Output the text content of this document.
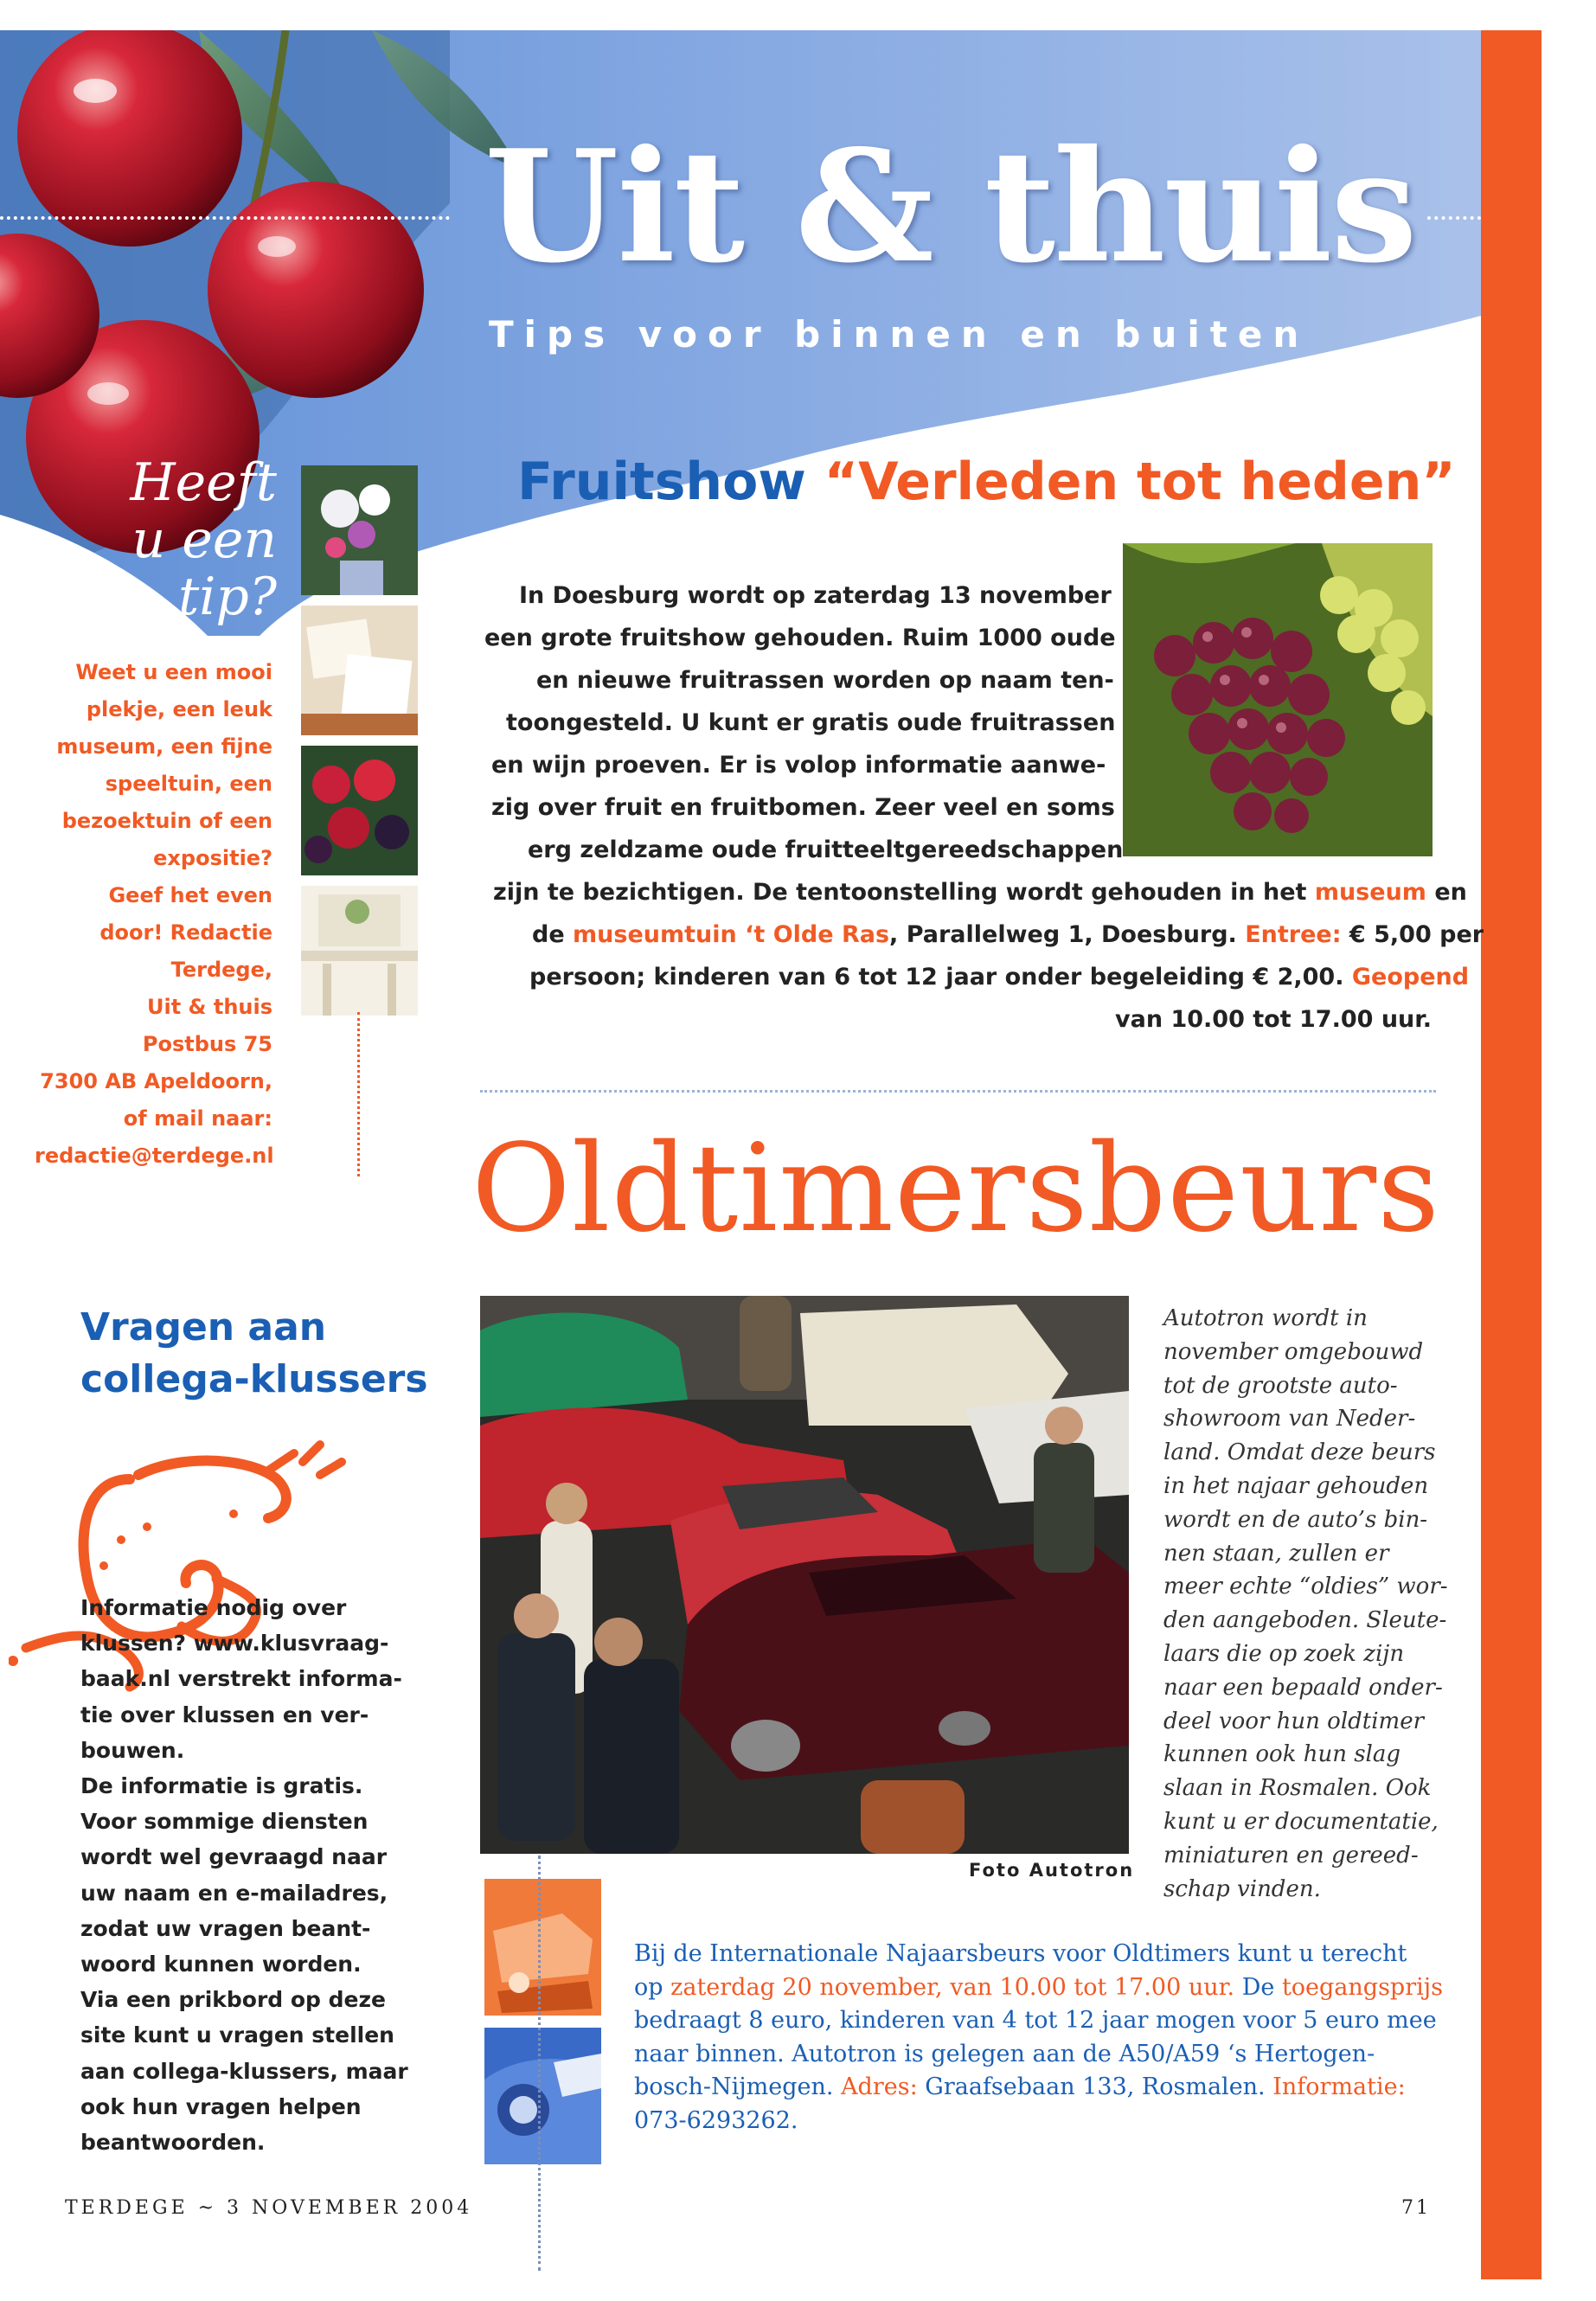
Uit & thuis
Tips voor binnen en buiten
Heeft
u een
tip?

Weet u een mooi
plekje, een leuk
museum, een fijne
speeltuin, een
bezoektuin of een
expositie?
Geef het even
door! Redactie
Terdege,
Uit & thuis
Postbus 75
7300 AB Apeldoorn,
of mail naar:
redactie@terdege.nl
Fruitshow “Verleden tot heden”
In Doesburg wordt op zaterdag 13 november
een grote fruitshow gehouden. Ruim 1000 oude
en nieuwe fruitrassen worden op naam ten-
toongesteld. U kunt er gratis oude fruitrassen
en wijn proeven. Er is volop informatie aanwe-
zig over fruit en fruitbomen. Zeer veel en soms
erg zeldzame oude fruitteeltgereedschappen
zijn te bezichtigen. De tentoonstelling wordt gehouden in het museum en
de museumtuin ‘t Olde Ras, Parallelweg 1, Doesburg. Entree: € 5,00 per
persoon; kinderen van 6 tot 12 jaar onder begeleiding € 2,00. Geopend
van 10.00 tot 17.00 uur.
Oldtimersbeurs
Foto Autotron
Autotron wordt in
november omgebouwd
tot de grootste auto-
showroom van Neder-
land. Omdat deze beurs
in het najaar gehouden
wordt en de auto’s bin-
nen staan, zullen er
meer echte “oldies” wor-
den aangeboden. Sleute-
laars die op zoek zijn
naar een bepaald onder-
deel voor hun oldtimer
kunnen ook hun slag
slaan in Rosmalen. Ook
kunt u er documentatie,
miniaturen en gereed-
schap vinden.

Bij de Internationale Najaarsbeurs voor Oldtimers kunt u terecht
op zaterdag 20 november, van 10.00 tot 17.00 uur. De toegangsprijs
bedraagt 8 euro, kinderen van 4 tot 12 jaar mogen voor 5 euro mee
naar binnen. Autotron is gelegen aan de A50/A59 ‘s Hertogen-
bosch-Nijmegen. Adres: Graafsebaan 133, Rosmalen. Informatie:
073-6293262.
Vragen aan
collega-klussers
Informatie nodig over
klussen? www.klusvraag-
baak.nl verstrekt informa-
tie over klussen en ver-
bouwen.
De informatie is gratis.
Voor sommige diensten
wordt wel gevraagd naar
uw naam en e-mailadres,
zodat uw vragen beant-
woord kunnen worden.
Via een prikbord op deze
site kunt u vragen stellen
aan collega-klussers, maar
ook hun vragen helpen
beantwoorden.
TERDEGE ~ 3 NOVEMBER 2004	71
